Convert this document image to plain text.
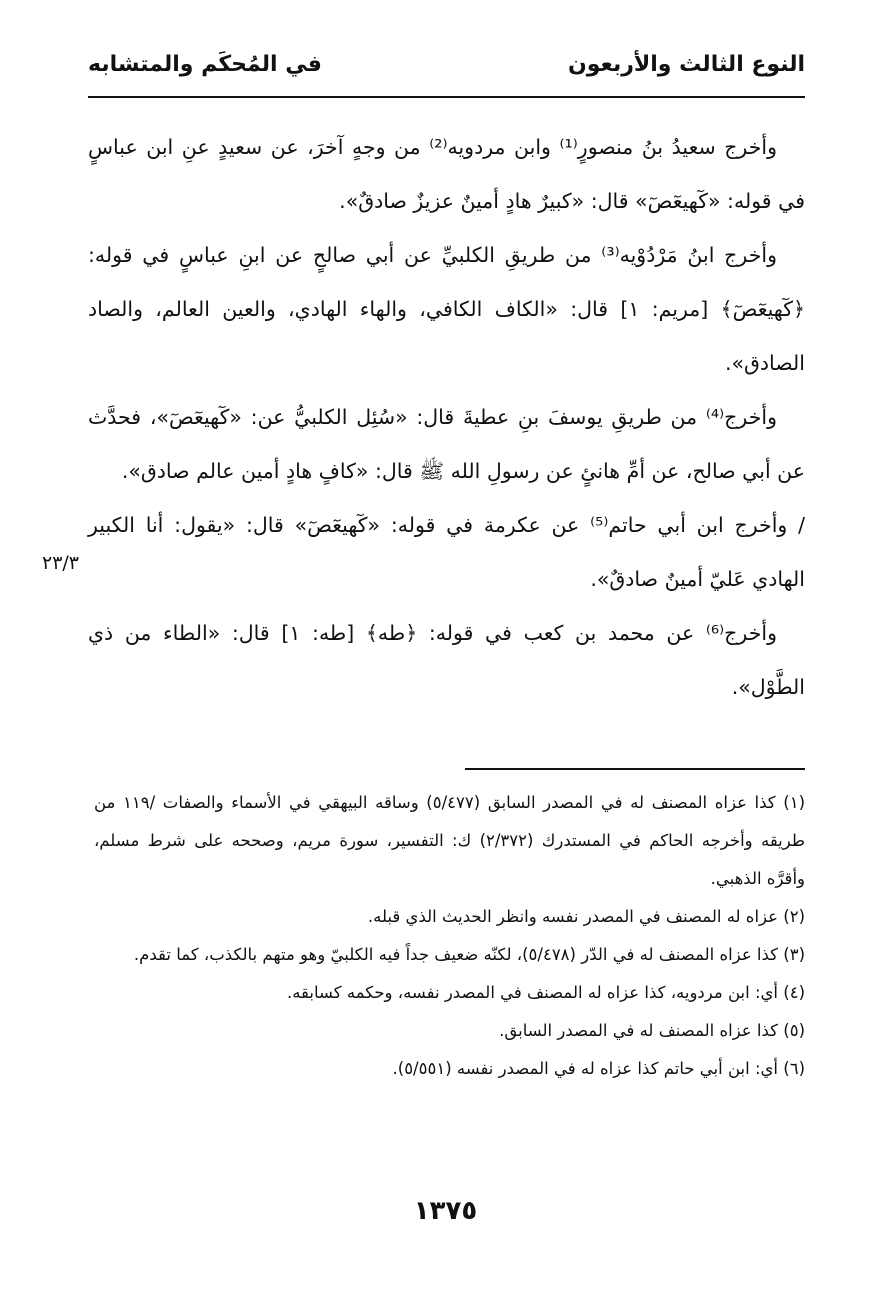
النوع الثالث والأربعون
في المُحكَم والمتشابه

وأخرج سعيدُ بنُ منصورٍ⁽¹⁾ وابن مردويه⁽²⁾ من وجهٍ آخرَ، عن سعيدٍ عنِ ابن عباسٍ في قوله: «كٓهيعٓصٓ» قال: «كبيرٌ هادٍ أمينٌ عزيزٌ صادقٌ».

وأخرج ابنُ مَرْدُوْيه⁽³⁾ من طريقِ الكلبيِّ عن أبي صالحٍ عن ابنِ عباسٍ في قوله: ﴿كٓهيعٓصٓ﴾ [مريم: ١] قال: «الكاف الكافي، والهاء الهادي، والعين العالم، والصاد الصادق».

وأخرج⁽⁴⁾ من طريقِ يوسفَ بنِ عطيةَ قال: «سُئِل الكلبيُّ عن: «كٓهيعٓصٓ»، فحدَّث عن أبي صالح، عن أمِّ هانئٍ عن رسولِ الله ﷺ قال: «كافٍ هادٍ أمين عالم صادق».

/ وأخرج ابن أبي حاتم⁽⁵⁾ عن عكرمة في قوله: «كٓهيعٓصٓ» قال: «يقول: أنا الكبير الهادي عَليّ أمينٌ صادقٌ».

وأخرج⁽⁶⁾ عن محمد بن كعب في قوله: ﴿طه﴾ [طه: ١] قال: «الطاء من ذي الطَّوْل».

٢٣/٣

(١) كذا عزاه المصنف له في المصدر السابق (٥/٤٧٧) وساقه البيهقي في الأسماء والصفات /١١٩ من طريقه وأخرجه الحاكم في المستدرك (٢/٣٧٢) ك: التفسير، سورة مريم، وصححه على شرط مسلم، وأقرَّه الذهبي.

(٢) عزاه له المصنف في المصدر نفسه وانظر الحديث الذي قبله.

(٣) كذا عزاه المصنف له في الدّر (٥/٤٧٨)، لكنّه ضعيف جداً فيه الكلبيّ وهو متهم بالكذب، كما تقدم.

(٤) أي: ابن مردويه، كذا عزاه له المصنف في المصدر نفسه، وحكمه كسابقه.

(٥) كذا عزاه المصنف له في المصدر السابق.

(٦) أي: ابن أبي حاتم كذا عزاه له في المصدر نفسه (٥/٥٥١).

١٣٧٥
